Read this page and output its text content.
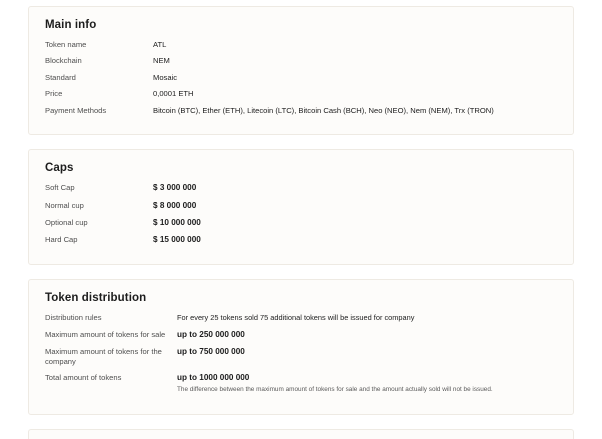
Main info
Token name	ATL
Blockchain	NEM
Standard	Mosaic
Price	0,0001 ETH
Payment Methods	Bitcoin (BTC), Ether (ETH), Litecoin (LTC), Bitcoin Cash (BCH), Neo (NEO), Nem (NEM), Trx (TRON)
Caps
Soft Cap	$ 3 000 000
Normal cup	$ 8 000 000
Optional cup	$ 10 000 000
Hard Cap	$ 15 000 000
Token distribution
Distribution rules	For every 25 tokens sold 75 additional tokens will be issued for company
Maximum amount of tokens for sale	up to 250 000 000
Maximum amount of tokens for the company	up to 750 000 000
Total amount of tokens	up to 1000 000 000
The difference between the maximum amount of tokens for sale and the amount actually sold will not be issued.
